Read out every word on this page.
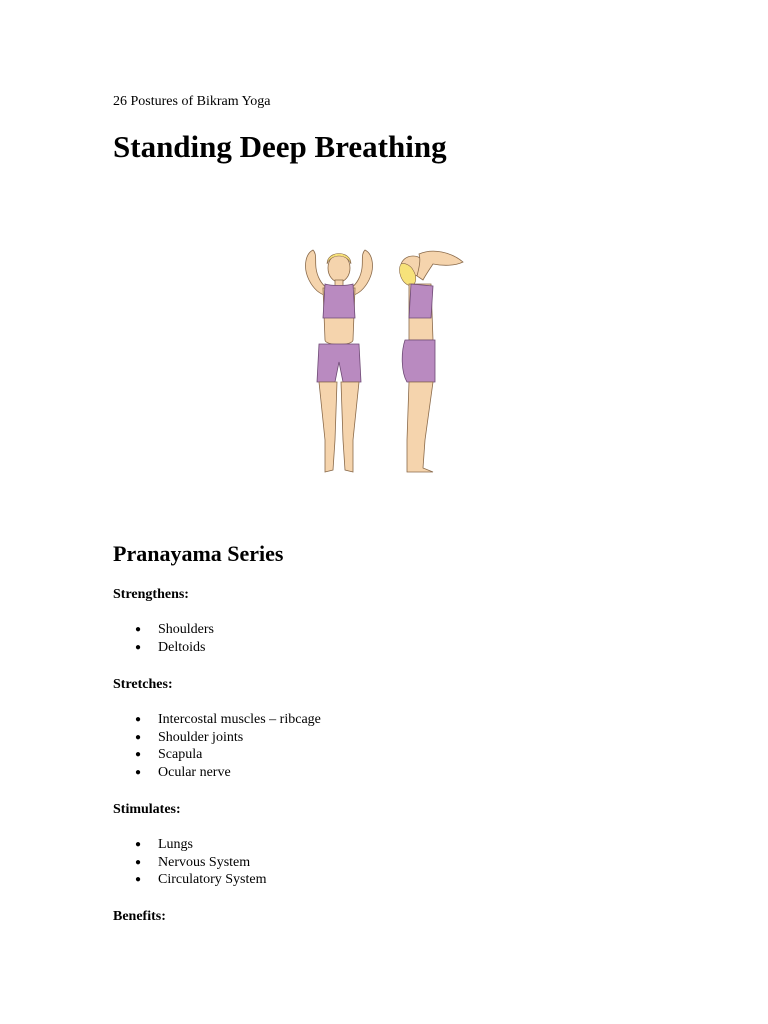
26 Postures of Bikram Yoga
Standing Deep Breathing
Pranayama Series
Strengthens:
● Shoulders
● Deltoids
Stretches:
● Intercostal muscles – ribcage
● Shoulder joints
● Scapula
● Ocular nerve
Stimulates:
● Lungs
● Nervous System
● Circulatory System
Benefits:
